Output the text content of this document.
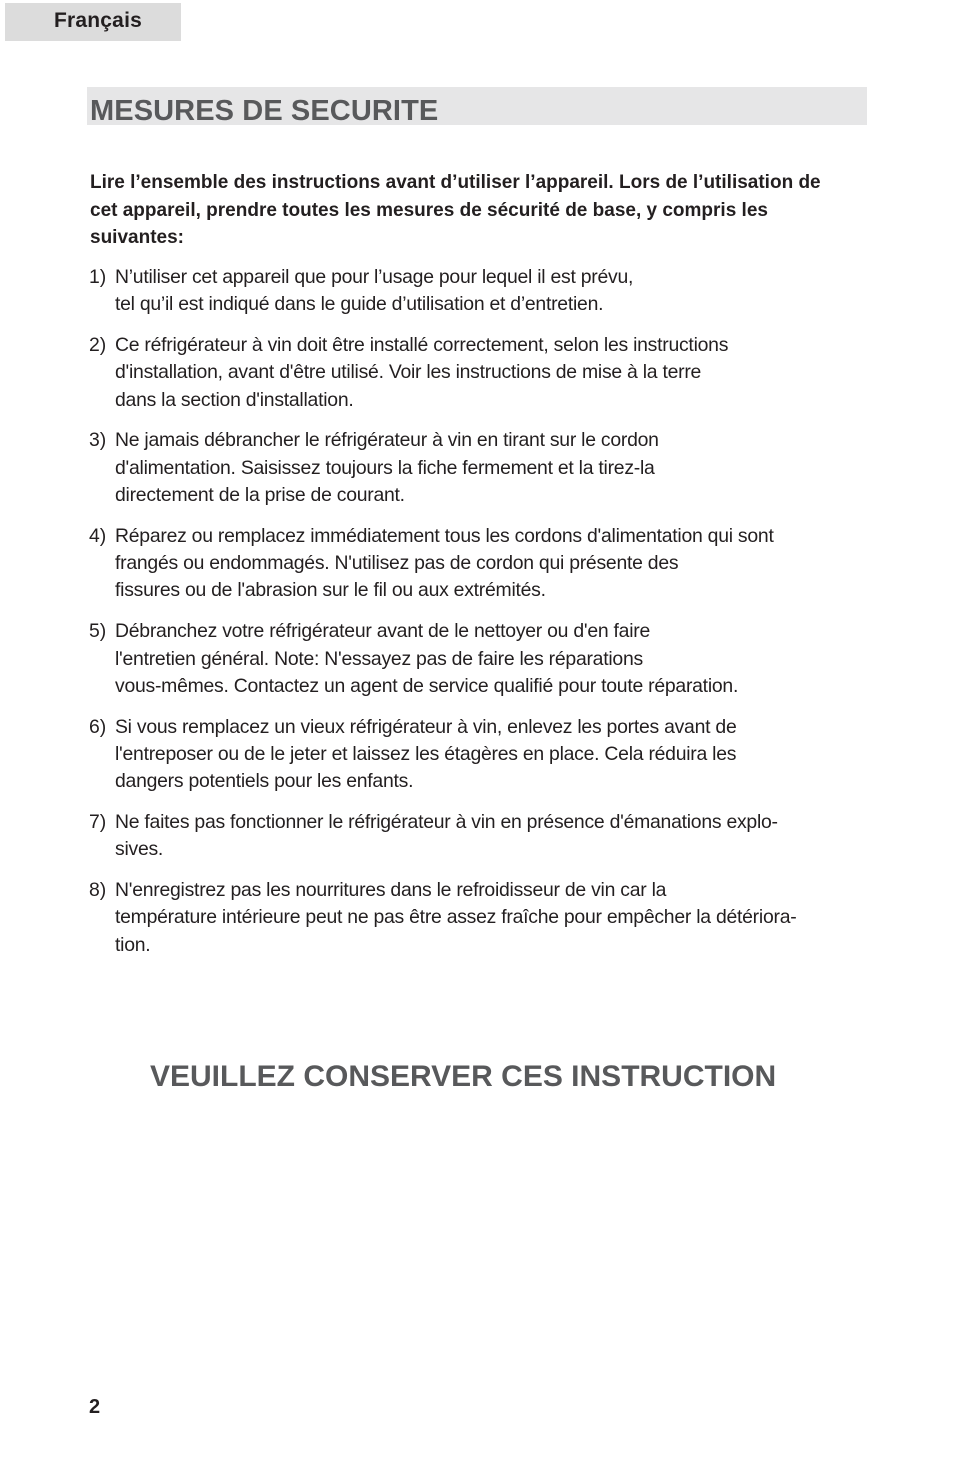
Français
MESURES DE SECURITE

Lire l’ensemble des instructions avant d’utiliser l’appareil. Lors de l’utilisation de cet appareil, prendre toutes les mesures de sécurité de base, y compris les suivantes:

1) N’utiliser cet appareil que pour l’usage pour lequel il est prévu,
tel qu’il est indiqué dans le guide d’utilisation et d’entretien.
2) Ce réfrigérateur à vin doit être installé correctement, selon les instructions
d'installation, avant d'être utilisé. Voir les instructions de mise à la terre
dans la section d'installation.
3) Ne jamais débrancher le réfrigérateur à vin en tirant sur le cordon
d'alimentation. Saisissez toujours la fiche fermement et la tirez-la
directement de la prise de courant.
4) Réparez ou remplacez immédiatement tous les cordons d'alimentation qui sont
frangés ou endommagés. N'utilisez pas de cordon qui présente des
fissures ou de l'abrasion sur le fil ou aux extrémités.
5) Débranchez votre réfrigérateur avant de le nettoyer ou d'en faire
l'entretien général. Note: N'essayez pas de faire les réparations
vous-mêmes. Contactez un agent de service qualifié pour toute réparation.
6) Si vous remplacez un vieux réfrigérateur à vin, enlevez les portes avant de
l'entreposer ou de le jeter et laissez les étagères en place. Cela réduira les
dangers potentiels pour les enfants.
7) Ne faites pas fonctionner le réfrigérateur à vin en présence d'émanations explo-
sives.
8) N'enregistrez pas les nourritures dans le refroidisseur de vin car la
température intérieure peut ne pas être assez fraîche pour empêcher la détériora-
tion.
VEUILLEZ CONSERVER CES INSTRUCTION
2
